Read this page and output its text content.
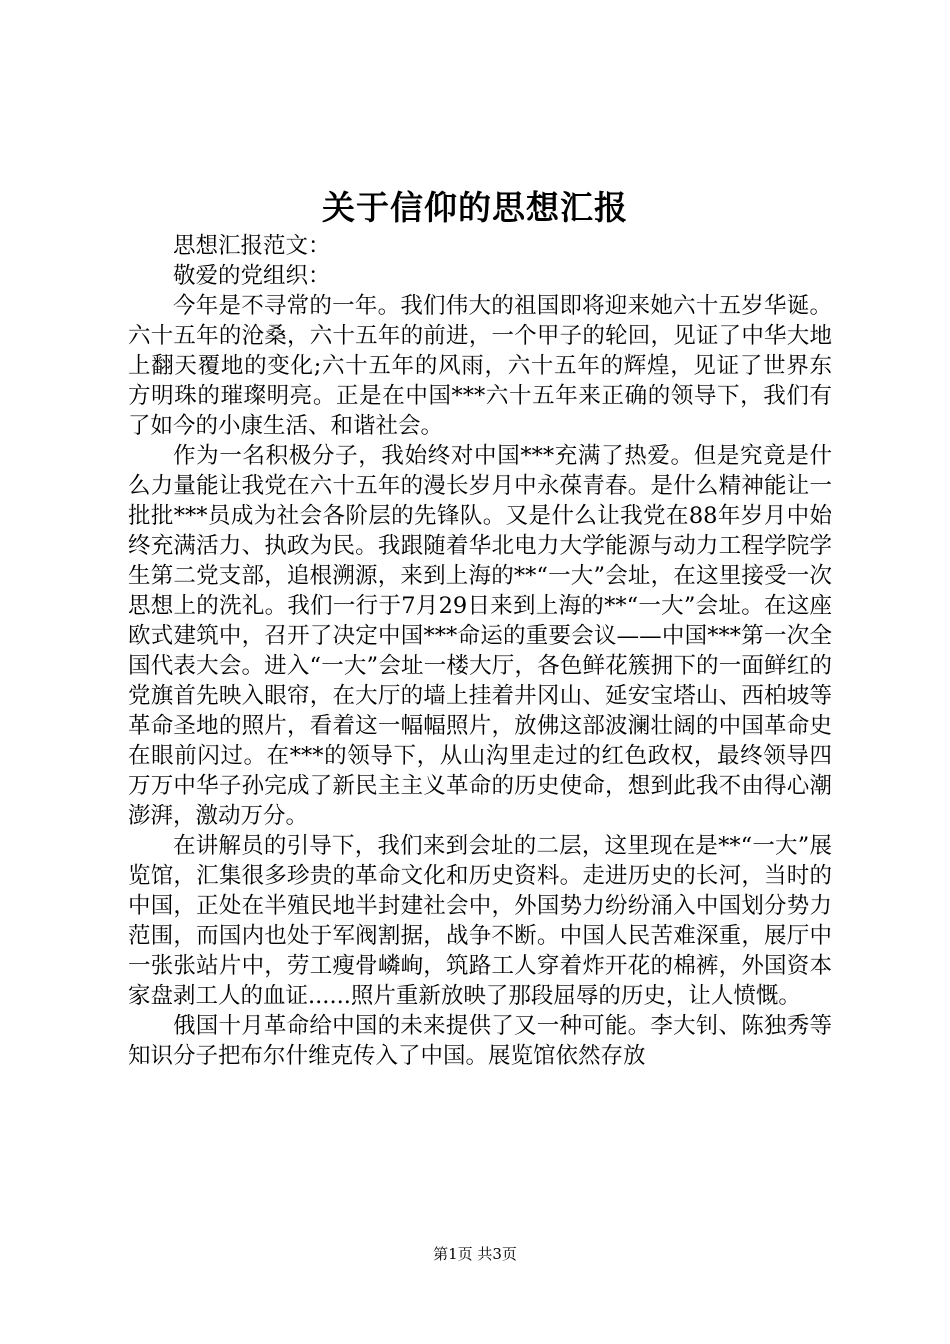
关于信仰的思想汇报

思想汇报范文：

敬爱的党组织：

今年是不寻常的一年。我们伟大的祖国即将迎来她六十五岁华诞。六十五年的沧桑，六十五年的前进，一个甲子的轮回，见证了中华大地上翻天覆地的变化;六十五年的风雨，六十五年的辉煌，见证了世界东方明珠的璀璨明亮。正是在中国***六十五年来正确的领导下，我们有了如今的小康生活、和谐社会。

作为一名积极分子，我始终对中国***充满了热爱。但是究竟是什么力量能让我党在六十五年的漫长岁月中永葆青春。是什么精神能让一批批***员成为社会各阶层的先锋队。又是什么让我党在88年岁月中始终充满活力、执政为民。我跟随着华北电力大学能源与动力工程学院学生第二党支部，追根溯源，来到上海的**“一大”会址，在这里接受一次思想上的洗礼。我们一行于7月29日来到上海的**“一大”会址。在这座欧式建筑中，召开了决定中国***命运的重要会议——中国***第一次全国代表大会。进入“一大”会址一楼大厅，各色鲜花簇拥下的一面鲜红的党旗首先映入眼帘，在大厅的墙上挂着井冈山、延安宝塔山、西柏坡等革命圣地的照片，看着这一幅幅照片，放佛这部波澜壮阔的中国革命史在眼前闪过。在***的领导下，从山沟里走过的红色政权，最终领导四万万中华子孙完成了新民主主义革命的历史使命，想到此我不由得心潮澎湃，激动万分。

在讲解员的引导下，我们来到会址的二层，这里现在是**“一大”展览馆，汇集很多珍贵的革命文化和历史资料。走进历史的长河，当时的中国，正处在半殖民地半封建社会中，外国势力纷纷涌入中国划分势力范围，而国内也处于军阀割据，战争不断。中国人民苦难深重，展厅中一张张站片中，劳工瘦骨嶙峋，筑路工人穿着炸开花的棉裤，外国资本家盘剥工人的血证......照片重新放映了那段屈辱的历史，让人愤慨。

俄国十月革命给中国的未来提供了又一种可能。李大钊、陈独秀等知识分子把布尔什维克传入了中国。展览馆依然存放

第1页 共3页
